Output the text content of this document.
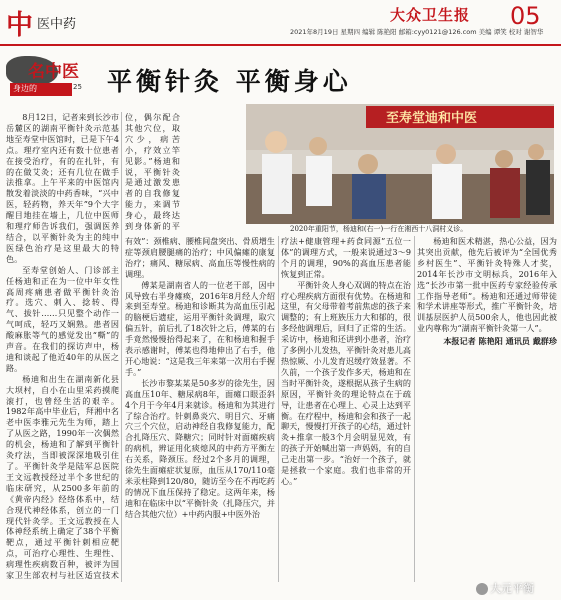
中 医中药
大众卫生报 05
2021年8月19日 星期四 编辑 陈艳阳 邮箱:cyy0121@126.com 美编 谭笑 校对 谢智华
名中医
身边的	25 平衡针灸 平衡身心

8月12日，记者来到长沙市岳麓区的湖南平衡针灸示范基地至寿堂中医馆时，已是下午4点。理疗室内还有数十位患者在接受治疗，有的在扎针，有的在做艾灸；还有几位在做手法推拿。上午平来的中医馆内散发着淡淡的中药香味，“兴中医，轻药物，养天年”9个大字醒目地挂在墙上，几位中医师和理疗师告诉我们，强调医养结合，以平衡针灸为主的纯中医绿色治疗是这里最大的特色。

至寿堂创始人、门诊部主任杨迪和正在为一位中年女性高周疼痛患者做平衡针灸治疗。选穴、刺入、捻转、得气、拔针……只见整个动作一气呵成，轻巧又娴熟。患者因酸麻胀等气的感觉发出“嘶”的声音。在我们的探访声中，杨迪和谈起了他近40年的从医之路。

杨迪和出生在湖南新化县大坝村，自小在山里采药摸爬滚打，也曾经生活的艰辛。1982年高中毕业后，拜湘中名老中医李雅元先生为师，踏上了从医之路，1990年一次偶然的机会，杨迪和了解到平衡针灸疗法，当即被深深地吸引住了。平衡针灸学是陆军总医院王文远教授经过半个多世纪的临床研究，从2500多年前的《黄帝内经》经络体系中，结合现代神经体系，创立的一门现代针灸学。王文远教授在人体神经系统上确定了38个平衡靶点，通过平衡针刺相应靶点，可治疗心理性、生理性、病理性疾病数百种，被评为国家卫生部农村与社区适宜技术

位，偶尔配合其他穴位，取穴少，病苦小，疗效立竿见影。”杨迪和说，平衡针灸是通过激发患者的自我修复能力，来调节身心，最终达到身体新的平

至寿堂迪和中医
2020年重阳节，杨迪和(右一)一行在湘西十八洞村义诊。

有效”：颈椎病、腰椎间盘突出、骨质增生症等颈肩腰腿痛的治疗；中风偏瘫的康复治疗；痛风、糖尿病、高血压等慢性病的调理。

傅某是湖南省人的一位老干部，因中风导致右半身瘫痪，2016年8月经人介绍来到至寿堂。杨迪和诊断其为高血压引起的脑梗后遗症，运用平衡针灸调理，取穴偏五针，前后扎了18次针之后，傅某的右手竟然慢慢抬得起来了，在和杨迪和握手表示感谢时，傅某也得地伸出了右手，他开心地说：“这是我三年来第一次用右手握手。”

长沙市黎某某是50多岁的徐先生，因高血压10年、糖尿病8年，面瘫口眼歪斜4个月于今年4月来就诊。杨迪和为其进行了综合治疗。针刺鼻炎穴、明目穴、牙痛穴三个穴位，启动神经自我修复能力，配合扎降压穴、降糖穴；同时针对面瘫疾病的病机，辨证用化痰熄风的中药方平衡左右关系，降颈压。经过2个多月的调理，徐先生面瘫症状复原，血压从170/110毫米汞柱降到120/80，随访至今在不再吃药的情况下血压保持了稳定。这两年来，杨迪和在临床中以“平衡针灸（扎降压穴，并结合其他穴位）+中药内服+中医外治

疗法+健康管理+药食同源”五位一体”的调理方式，一般来说通过3～9个月的调理，90%的高血压患者能恢复到正常。

平衡针灸人身心双调的特点在治疗心理疾病方面很有优势。在杨迪和这里，有父母带着考前焦虑的孩子来调整的；有上班族压力大和郁的，很多经他调理后，回归了正常的生活。采访中，杨迪和还讲到小患者，治疗了多例小儿发热，平衡针灸对患儿高热惊厥、小儿发育迟缓疗效显著。不久前，一个孩子发作多天，杨迪和在当时平衡针灸，遂根据从孩子生病的原因，平衡针灸的理论特点在于疏导，让患者在心理上、心灵上达到平衡。在疗程中，杨迪和会和孩子一起聊天，慢慢打开孩子的心结，通过针灸+推拿一般3个月会明显见效，有的孩子开始喊出第一声妈妈，有的自己走出第一步。“治好一个孩子，就是拯救一个家庭。我们也非常的开心。”

杨迪和医术精湛，热心公益，因为其突出贡献，他先后被评为“全国优秀乡村医生”、平衡针灸特殊人才奖，2014年长沙市文明标兵，2016年入选“长沙市第一批中医药专家经验传承工作指导老师”。杨迪和还通过师带徒和学术讲座等形式，推广平衡针灸，培训基层医护人员500余人，他也因此被业内尊称为“湖南平衡针灸第一人”。

本报记者 陈艳阳 通讯员 戴群珍

大元平衡
